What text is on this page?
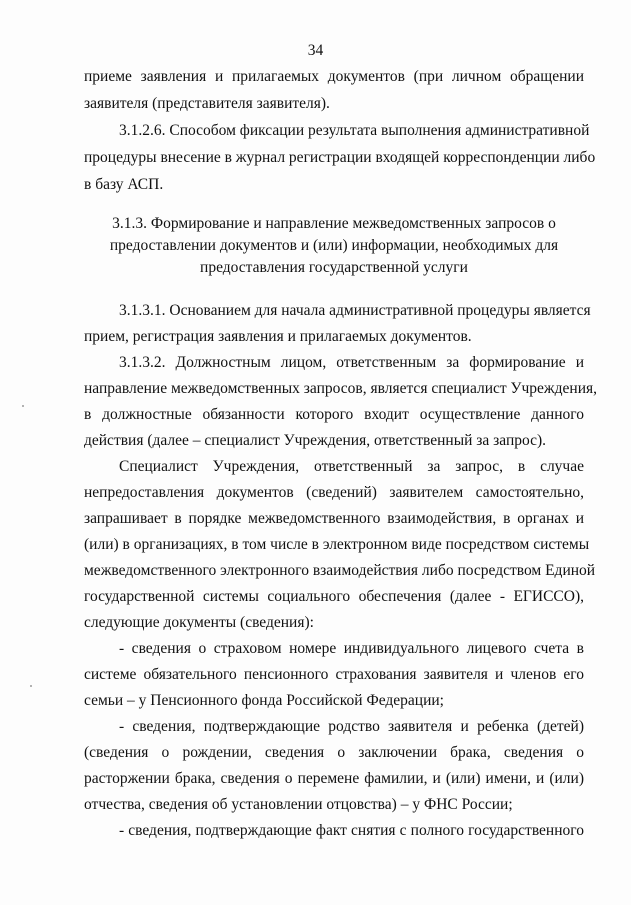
34
приеме заявления и прилагаемых документов (при личном обращении
заявителя (представителя заявителя).
3.1.2.6. Способом фиксации результата выполнения административной
процедуры внесение в журнал регистрации входящей корреспонденции либо
в базу АСП.
3.1.3. Формирование и направление межведомственных запросов о
предоставлении документов и (или) информации, необходимых для
предоставления государственной услуги
3.1.3.1. Основанием для начала административной процедуры является
прием, регистрация заявления и прилагаемых документов.
3.1.3.2. Должностным лицом, ответственным за формирование и
направление межведомственных запросов, является специалист Учреждения,
в должностные обязанности которого входит осуществление данного
действия (далее – специалист Учреждения, ответственный за запрос).
Специалист Учреждения, ответственный за запрос, в случае
непредоставления документов (сведений) заявителем самостоятельно,
запрашивает в порядке межведомственного взаимодействия, в органах и
(или) в организациях, в том числе в электронном виде посредством системы
межведомственного электронного взаимодействия либо посредством Единой
государственной системы социального обеспечения (далее - ЕГИССО),
следующие документы (сведения):
- сведения о страховом номере индивидуального лицевого счета в
системе обязательного пенсионного страхования заявителя и членов его
семьи – у Пенсионного фонда Российской Федерации;
- сведения, подтверждающие родство заявителя и ребенка (детей)
(сведения о рождении, сведения о заключении брака, сведения о
расторжении брака, сведения о перемене фамилии, и (или) имени, и (или)
отчества, сведения об установлении отцовства) – у ФНС России;
- сведения, подтверждающие факт снятия с полного государственного
